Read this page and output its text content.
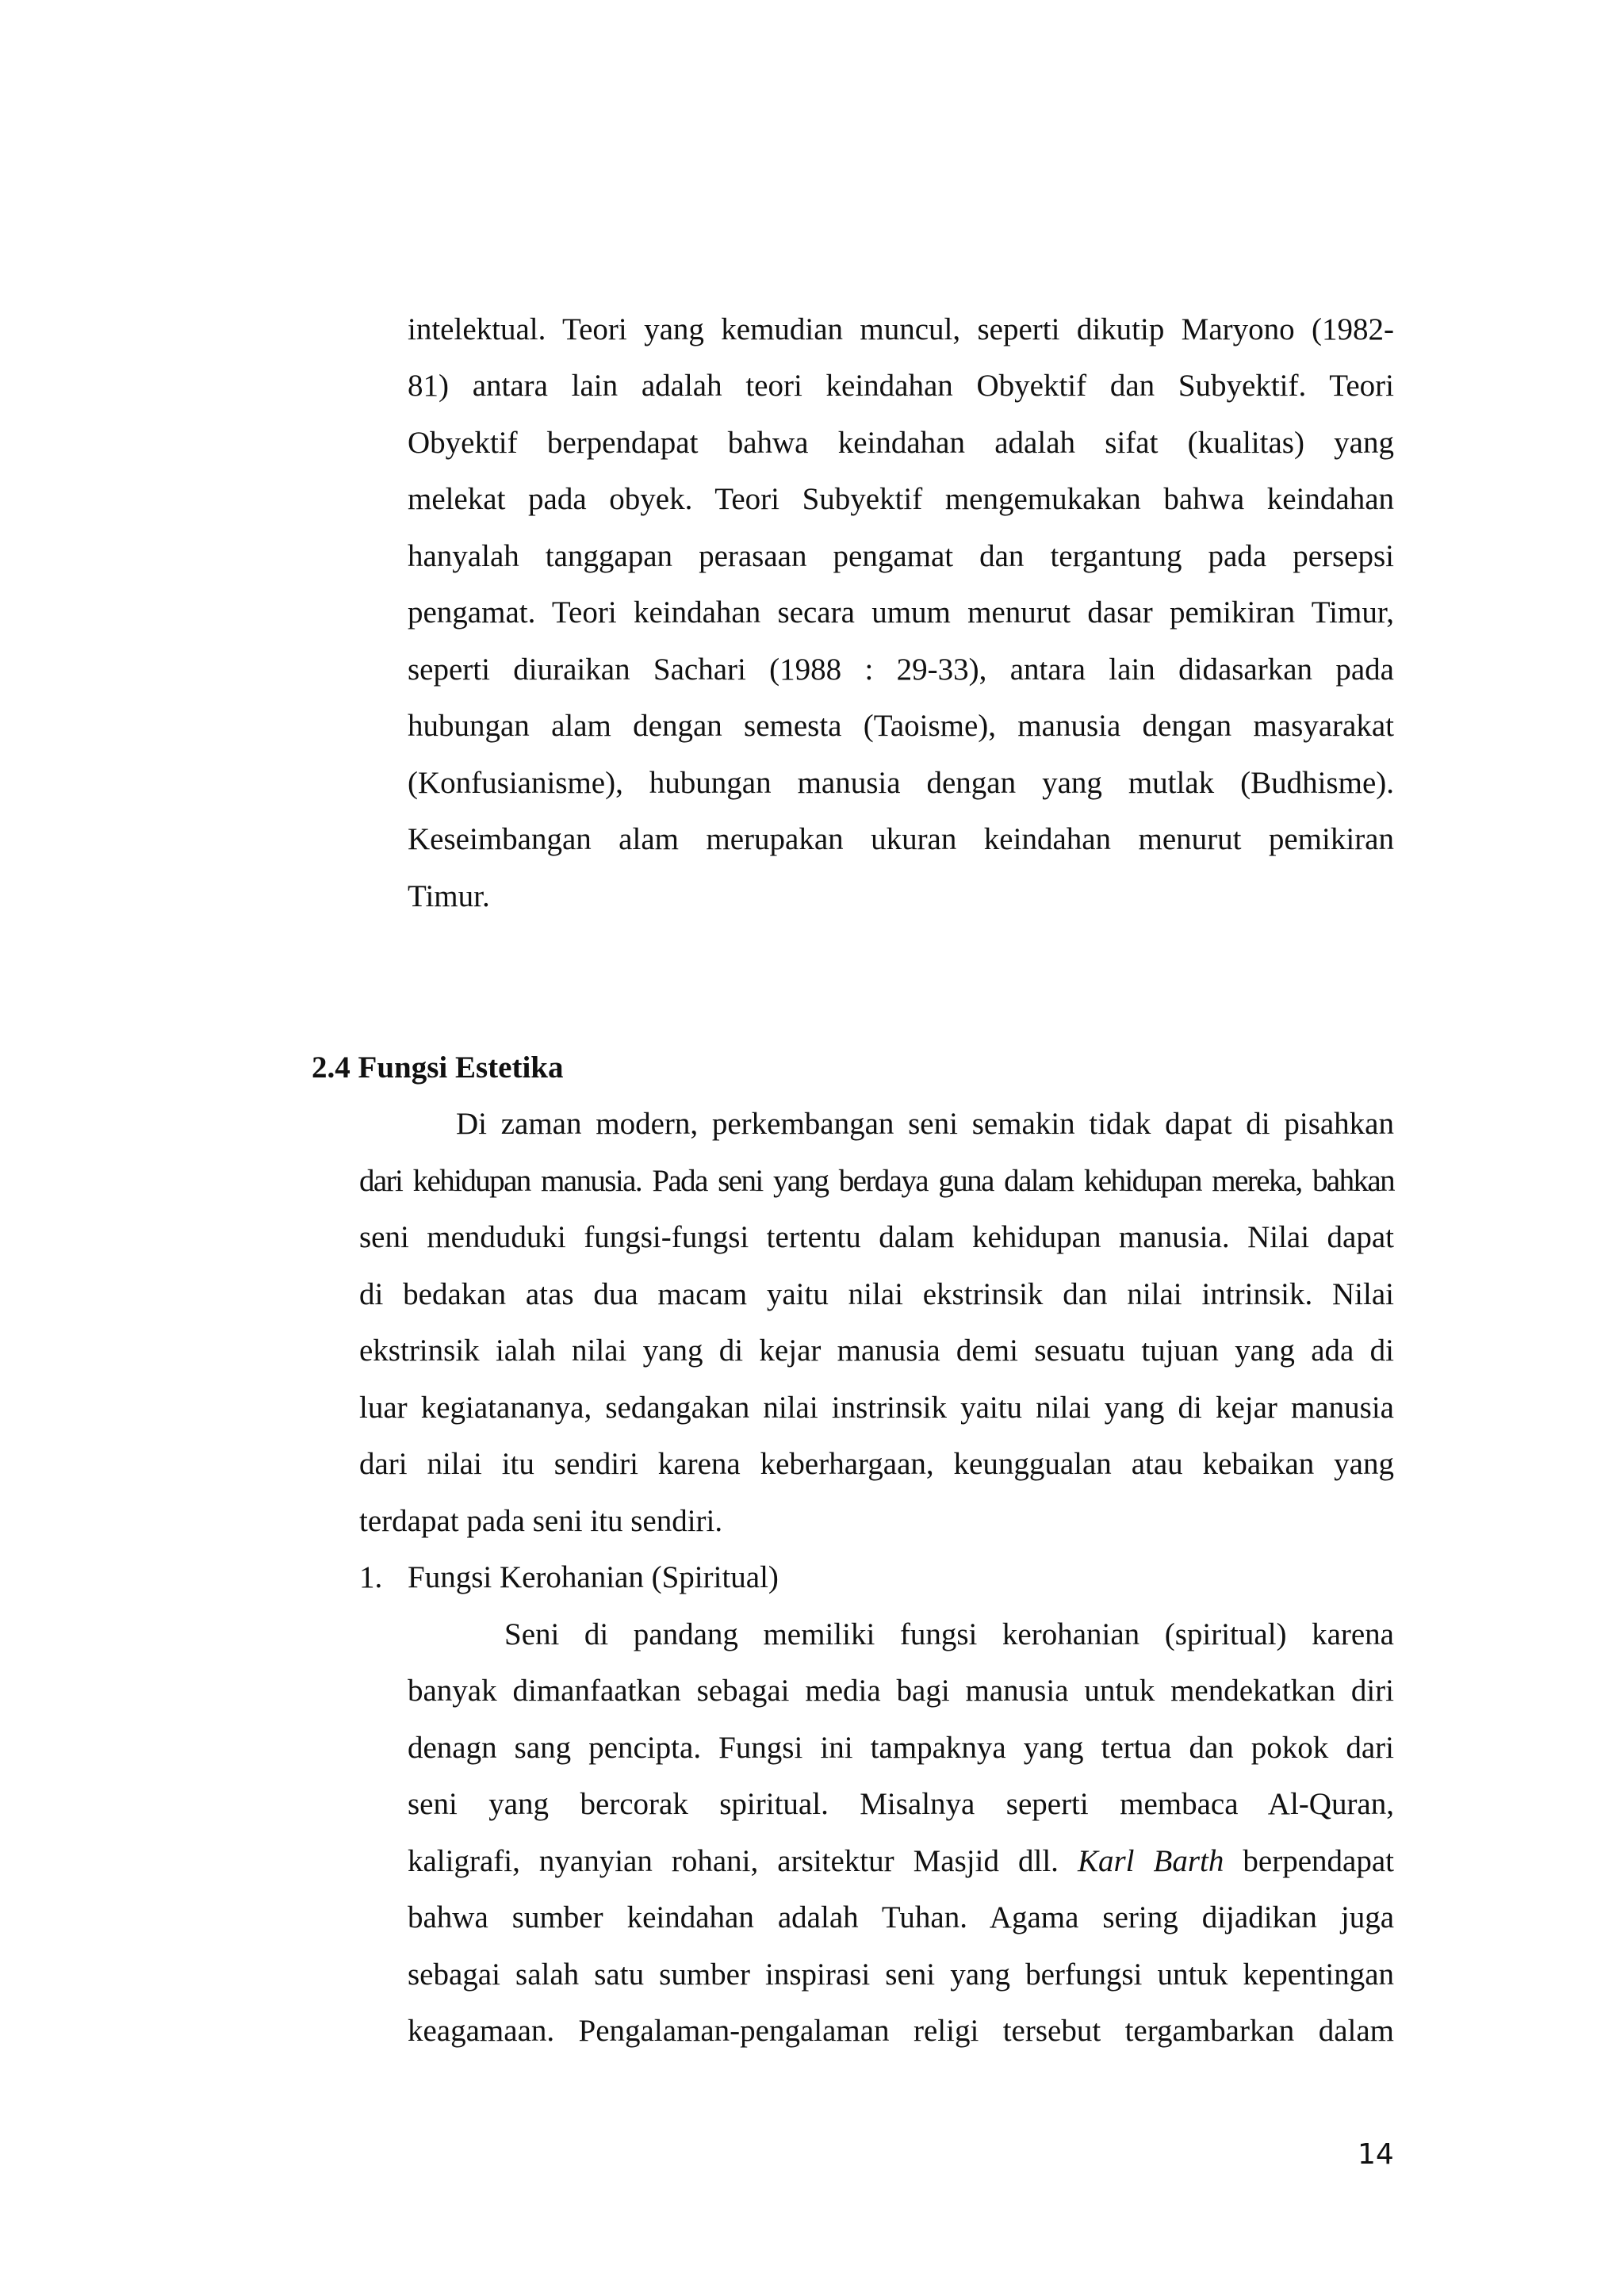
intelektual. Teori yang kemudian muncul, seperti dikutip Maryono (1982-

81) antara lain adalah teori keindahan Obyektif dan Subyektif. Teori

Obyektif berpendapat bahwa keindahan adalah sifat (kualitas) yang

melekat pada obyek. Teori Subyektif mengemukakan bahwa keindahan

hanyalah tanggapan perasaan pengamat dan tergantung pada persepsi

pengamat. Teori keindahan secara umum menurut dasar pemikiran Timur,

seperti diuraikan Sachari (1988 : 29-33), antara lain didasarkan pada

hubungan alam dengan semesta (Taoisme), manusia dengan masyarakat

(Konfusianisme), hubungan manusia dengan yang mutlak (Budhisme).

Keseimbangan alam merupakan ukuran keindahan menurut pemikiran

Timur.

2.4 Fungsi Estetika

Di zaman modern, perkembangan seni semakin tidak dapat di pisahkan

dari kehidupan manusia. Pada seni yang berdaya guna dalam kehidupan mereka, bahkan

seni menduduki fungsi-fungsi tertentu dalam kehidupan manusia. Nilai dapat

di bedakan atas dua macam yaitu nilai ekstrinsik dan nilai intrinsik. Nilai

ekstrinsik ialah nilai yang di kejar manusia demi sesuatu tujuan yang ada di

luar kegiatananya, sedangakan nilai instrinsik yaitu nilai yang di kejar manusia

dari nilai itu sendiri karena keberhargaan, keunggualan atau kebaikan yang

terdapat pada seni itu sendiri.

1. Fungsi Kerohanian (Spiritual)

Seni di pandang memiliki fungsi kerohanian (spiritual) karena

banyak dimanfaatkan sebagai media bagi manusia untuk mendekatkan diri

denagn sang pencipta. Fungsi ini tampaknya yang tertua dan pokok dari

seni yang bercorak spiritual. Misalnya seperti membaca Al-Quran,

kaligrafi, nyanyian rohani, arsitektur Masjid dll. Karl Barth berpendapat

bahwa sumber keindahan adalah Tuhan. Agama sering dijadikan juga

sebagai salah satu sumber inspirasi seni yang berfungsi untuk kepentingan

keagamaan. Pengalaman-pengalaman religi tersebut tergambarkan dalam

14
